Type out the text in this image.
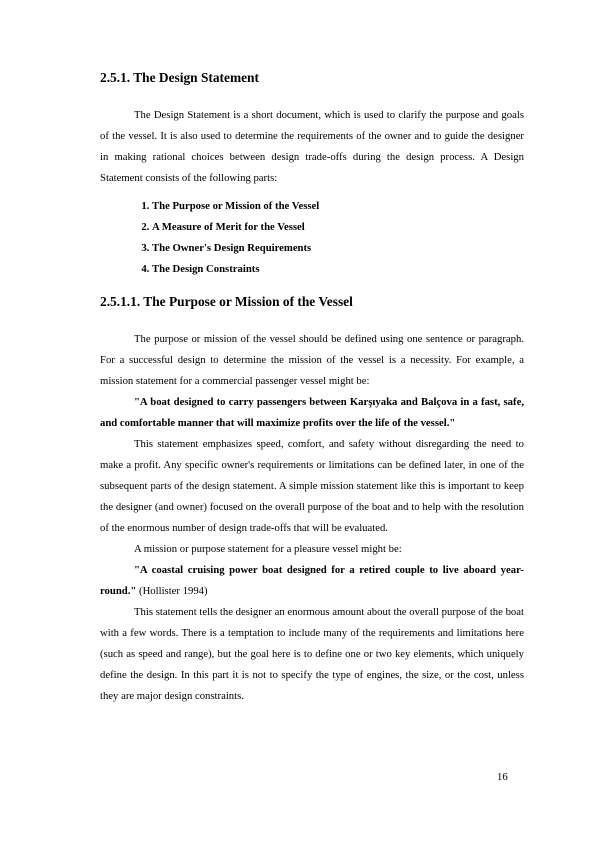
2.5.1. The Design Statement

The Design Statement is a short document, which is used to clarify the purpose and goals of the vessel. It is also used to determine the requirements of the owner and to guide the designer in making rational choices between design trade-offs during the design process. A Design Statement consists of the following parts:

1. The Purpose or Mission of the Vessel
2. A Measure of Merit for the Vessel
3. The Owner's Design Requirements
4. The Design Constraints
2.5.1.1. The Purpose or Mission of the Vessel

The purpose or mission of the vessel should be defined using one sentence or paragraph. For a successful design to determine the mission of the vessel is a necessity. For example, a mission statement for a commercial passenger vessel might be:

"A boat designed to carry passengers between Karşıyaka and Balçova in a fast, safe, and comfortable manner that will maximize profits over the life of the vessel."

This statement emphasizes speed, comfort, and safety without disregarding the need to make a profit. Any specific owner's requirements or limitations can be defined later, in one of the subsequent parts of the design statement. A simple mission statement like this is important to keep the designer (and owner) focused on the overall purpose of the boat and to help with the resolution of the enormous number of design trade-offs that will be evaluated.

A mission or purpose statement for a pleasure vessel might be:

"A coastal cruising power boat designed for a retired couple to live aboard year-round." (Hollister 1994)

This statement tells the designer an enormous amount about the overall purpose of the boat with a few words. There is a temptation to include many of the requirements and limitations here (such as speed and range), but the goal here is to define one or two key elements, which uniquely define the design. In this part it is not to specify the type of engines, the size, or the cost, unless they are major design constraints.

16
